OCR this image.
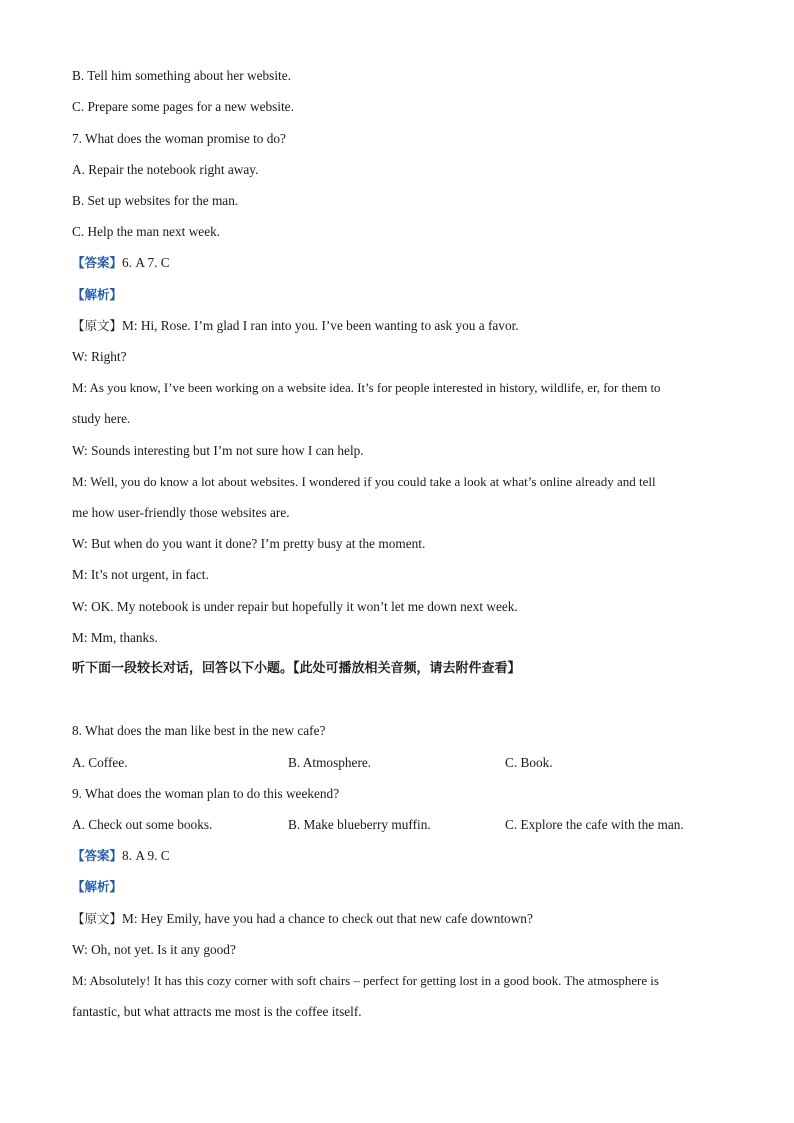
B. Tell him something about her website.
C. Prepare some pages for a new website.
7. What does the woman promise to do?
A. Repair the notebook right away.
B. Set up websites for the man.
C. Help the man next week.
【答案】6. A 7. C
【解析】
【原文】M: Hi, Rose. I’m glad I ran into you. I’ve been wanting to ask you a favor.
W: Right?
M: As you know, I’ve been working on a website idea. It’s for people interested in history, wildlife, er, for them to
study here.
W: Sounds interesting but I’m not sure how I can help.
M: Well, you do know a lot about websites. I wondered if you could take a look at what’s online already and tell
me how user-friendly those websites are.
W: But when do you want it done? I’m pretty busy at the moment.
M: It’s not urgent, in fact.
W: OK. My notebook is under repair but hopefully it won’t let me down next week.
M: Mm, thanks.
听下面一段较长对话，回答以下小题。【此处可播放相关音频，请去附件查看】
8. What does the man like best in the new cafe?
A. Coffee.	B. Atmosphere.	C. Book.
9. What does the woman plan to do this weekend?
A. Check out some books.	B. Make blueberry muffin.	C. Explore the cafe with the man.
【答案】8. A 9. C
【解析】
【原文】M: Hey Emily, have you had a chance to check out that new cafe downtown?
W: Oh, not yet. Is it any good?
M: Absolutely! It has this cozy corner with soft chairs – perfect for getting lost in a good book. The atmosphere is
fantastic, but what attracts me most is the coffee itself.
